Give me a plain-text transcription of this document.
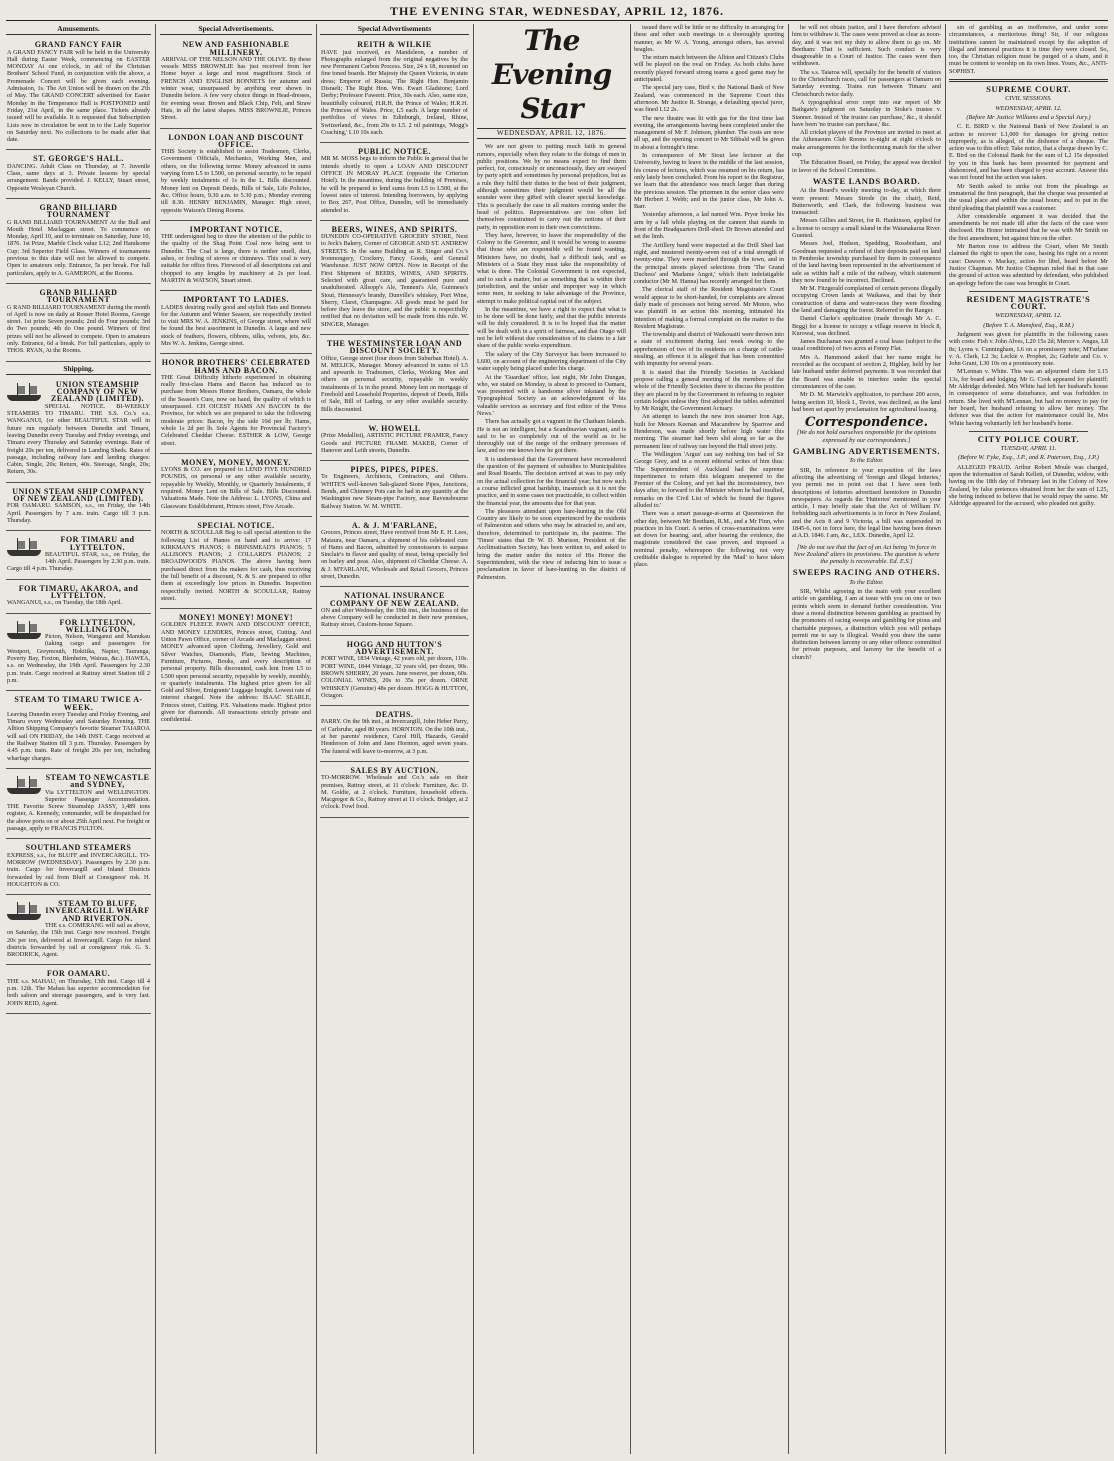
THE EVENING STAR, WEDNESDAY, APRIL 12, 1876.
Amusements.
GRAND FANCY FAIR

A GRAND FANCY FAIR will be held in the University Hall during Easter Week, commencing on EASTER MONDAY At one o'clock, in aid of the Christian Brothers' School Fund, in conjunction with the above, a Promenade Concert will be given each evening. Admission, 1s. The Art Union will be drawn on the 2'th of May. The GRAND CONCERT advertised for Easter Monday in the Temperance Hall is POSTPONED until Friday, 21st April, in the same place. Tickets already issued will be available. It is requested that Subscription Lists now in circulation be sent in to the Lady Superior on Saturday next. No collections to be made after that date.

ST. GEORGE'S HALL.

DANCING. Adult Class on Thursday, at 7. Juvenile Class, same days at 3. Private lessons by special arrangement. Bands provided. J. KELLY, Stuart street, Opposite Wesleyan Church.

GRAND BILLIARD TOURNAMENT

G RAND BILLIARD TOURNAMENT At the Bull and Mouth Hotel Maclaggan street. To commence on Monday, April 10, and to terminate on Saturday, June 10, 1876. 1st Prize, Marble Clock value L12; 2nd Handsome Cup; 3rd Superior Field Glass. Winners of tournaments previous to this date will not be allowed to compete. Open to amateurs only. Entrance, 5s per break. For full particulars, apply to A. GAMERON, at the Rooms.

GRAND BILLIARD TOURNAMENT

G RAND BILLIARD TOURNAMENT during the month of April is now on daily at Rosser Hotel Rooms, George street. 1st prize Seven pounds; 2nd do Four pounds; 3rd do Two pounds; 4th do One pound. Winners of first prizes will not be allowed to compete. Open to amateurs only. Entrance, 6d a break. For full particulars, apply to THOS. RYAN, At the Rooms.

Shipping.
UNION STEAMSHIP COMPANY OF NEW ZEALAND (LIMITED).

SPECIAL NOTICE. BI-WEEKLY STEAMERS TO TIMARU. THE S.S. Co.'s s.s. WANGANUI, (or other BEAUTIFUL STAR will in future run regularly between Dunedin and Timaru, leaving Dunedin every Tuesday and Friday evenings, and Timaru every Thursday and Saturday evenings. Rate of freight 20s per ton, delivered in Landing Sheds. Rates of passage, including railway fare and landing charges: Cabin, Single, 20s; Return, 40s. Steerage, Single, 20s; Return, 30s.

UNION STEAM SHIP COMPANY OF NEW ZEALAND (LIMITED).

FOR OAMARU. SAMSON, s.s., on Friday, the 14th April. Passengers by 7 a.m. train. Cargo till 3 p.m. Thursday.

FOR TIMARU and LYTTELTON.

BEAUTIFUL STAR, s.s., on Friday, the 14th April. Passengers by 2.30 p.m. train. Cargo till 4 p.m. Thursday.

FOR TIMARU, AKAROA, and LYTTELTON.

WANGANUI, s.s., on Tuesday, the 18th April.

FOR LYTTELTON, WELLINGTON,

Picton, Nelson, Wanganui and Manukau (taking cargo and passengers for Westport, Greymouth, Hokitika, Napier, Tauranga, Poverty Bay, Foxton, Blenheim, Wairau, &c.). HAWEA, s.s. on Wednesday, the 19th April. Passengers by 2.30 p.m. train. Cargo received at Rattray street Station till 2 p.m.

STEAM TO TIMARU TWICE A-WEEK.

Leaving Dunedin every Tuesday and Friday Evening, and Timaru every Wednesday and Saturday Evening. THE Albion Shipping Company's favorite Steamer TAIAROA will sail ON FRIDAY, the 14th INST. Cargo received at the Railway Station till 3 p.m. Thursday. Passengers by 4.45 p.m. train. Rate of freight 20s per ton, including wharfage charges.

STEAM TO NEWCASTLE and SYDNEY,

Via LYTTELTON and WELLINGTON. Superior Passenger Accommodation. THE Favorite Screw Steamship JASSY, 1,489 tons register, A. Kennedy, commander, will be despatched for the above ports on or about 25th April next. For freight or passage, apply to FRANCIS FULTON.

SOUTHLAND STEAMERS

EXPRESS, s.s., for BLUFF and INVERCARGILL. TO-MORROW (WEDNESDAY). Passengers by 2.30 p.m. train. Cargo for Invercargill and Inland Districts forwarded by rail from Bluff at Consignees' risk. H. HOUGHTON & CO.

STEAM TO BLUFF, INVERCARGILL WHARF AND RIVERTON.

THE s.s. COMERANG will sail as above, on Saturday, the 15th inst. Cargo now received. Freight 20s per ton, delivered at Invercargill. Cargo for inland districts forwarded by rail at consignees' risk. G. S. BRODRICK, Agent.

FOR OAMARU.

THE s.s. MAHAU, on Thursday, 13th inst. Cargo till 4 p.m. 12th. The Mahau has superior accommodation for both saloon and steerage passengers, and is very fast. JOHN REID, Agent.

Special Advertisements.
NEW AND FASHIONABLE MILLINERY.

ARRIVAL OF THE NELSON AND THE OLIVE. By these vessels MISS BROWNLIE has just received from her Home buyer a large and most magnificent Stock of FRENCH AND ENGLISH BONNETS for autumn and winter wear, unsurpassed by anything ever shown in Dunedin before. A few very choice things in Head-dresses, for evening wear. Brown and Black Chip, Felt, and Straw Hats, in all the latest shapes. MISS BROWNLIE, Princes Street.

LONDON LOAN AND DISCOUNT OFFICE.

THIS Society is established to assist Tradesmen, Clerks, Government Officials, Mechanics, Working Men, and others, on the following terms: Money advanced in sums varying from L5 to L500, on personal security, to be repaid by weekly instalments of 1s in the L. Bills discounted. Money lent on Deposit Deeds, Bills of Sale, Life Policies, &c. Office hours, 9.30 a.m. to 5.30 p.m.; Monday evening till 8.30. HENRY BENJAMIN, Manager. High street, opposite Watson's Dining Rooms.

IMPORTANT NOTICE.

THE undersigned beg to draw the attention of the public to the quality of the Shag Point Coal now being sent to Dunedin. The Coal is large, there is neither smell, dust, ashes, or fouling of stoves or chimneys. This coal is very suitable for office fires. Firewood of all descriptions cut and chopped to any lengths by machinery at 2s per load. MARTIN & WATSON, Stuart street.

IMPORTANT TO LADIES.

LADIES desiring really good and stylish Hats and Bonnets for the Autumn and Winter Season, are respectfully invited to visit MRS W. A. JENKINS, of George street, where will be found the best assortment in Dunedin. A large and new stock of feathers, flowers, ribbons, silks, velvets, jets, &c. Mrs W. A. Jenkins, George street.

HONOR BROTHERS' CELEBRATED HAMS AND BACON.

THE Great Difficulty hitherto experienced in obtaining really first-class Hams and Bacon has induced us to purchase from Messrs Honor Brothers, Oamaru, the whole of the Season's Cure, now on hand, the quality of which is unsurpassed. CH OICEST HAMS AN BACON In the Province, for which we are prepared to take the following moderate prices: Bacon, by the side 10d per lb; Hams, whole 1s 2d per lb. Sole Agents for Provincial Factory's Celebrated Cheddar Cheese. ESTHER & LOW, George street.

MONEY, MONEY, MONEY.

LYONS & CO. are prepared to LEND FIVE HUNDRED POUNDS, on personal or any other available security, repayable by Weekly, Monthly, or Quarterly Instalments, if required. Money Lent on Bills of Sale. Bills Discounted. Valuations Made. Note the Address: L. LYONS, China and Glassware Establishment, Princes street, Five Arcade.

SPECIAL NOTICE.

NORTH & SCOULLAR Beg to call special attention to the following List of Pianos on hand and to arrive: 17 KIRKMAN'S PIANOS; 6 BRINSMEAD'S PIANOS; 5 ALLISON'S PIANOS; 2 COLLARD'S PIANOS; 2 BROADWOOD'S PIANOS. The above having been purchased direct from the makers for cash, thus receiving the full benefit of a discount, N. & S. are prepared to offer them at exceedingly low prices in Dunedin. Inspection respectfully invited. NORTH & SCOULLAR, Rattray street.

MONEY! MONEY! MONEY!

GOLDEN FLEECE PAWN AND DISCOUNT OFFICE, AND MONEY LENDERS, Princes street, Cutting. And Union Pawn Office, corner of Arcade and Maclaggan street. MONEY advanced upon Clothing, Jewellery, Gold and Silver Watches, Diamonds, Plate, Sewing Machines, Furniture, Pictures, Books, and every description of personal property. Bills discounted, cash lent from L5 to L500 upon personal security, repayable by weekly, monthly, or quarterly instalments. The highest price given for all Gold and Silver, Emigrants' Luggage bought. Lowest rate of interest charged. Note the address: ISAAC SEARLE, Princes street, Cutting. P.S. Valuations made. Highest price given for diamonds. All transactions strictly private and confidential.

Special Advertisements
REITH & WILKIE

HAVE just received, ex Mandeleon, a number of Photographs enlarged from the original negatives by the new Permanent Carbon Process. Size, 24 x 18, mounted on fine toned boards. Her Majesty the Queen Victoria, in state dress; Emperor of Russia; The Right Hon. Benjamin Disraeli; The Right Hon. Wm. Ewart Gladstone; Lord Derby; Professor Faweett. Price, 30s each. Also, same size, beautifully coloured, H.R.H. the Prince of Wales; H.R.H. the Princess of Wales. Price, L5 each. A large number of portfolios of views in Edinburgh, Ireland, Rhine, Switzerland, &c., from 20s to L5. 2 oil paintings, 'Mogg's Coaching,' L10 10s each.

PUBLIC NOTICE.

MR M. MOSS begs to inform the Public in general that he intends shortly to open a LOAN AND DISCOUNT OFFICE IN MORAY PLACE (opposite the Criterion Hotel). In the meantime, during the building of Premises, he will be prepared to lend sums from L5 to L500, at the lowest rates of interest. Intending borrowers, by applying to Box 267, Post Office, Dunedin, will be immediately attended to.

BEERS, WINES, AND SPIRITS.

DUNEDIN CO-OPERATIVE GROCERY STORE, Next to Jeck's Bakery, Corner of GEORGE AND ST. ANDREW STREETS. In the same Building as R. Singer and Co.'s Ironmongery, Crockery, Fancy Goods, and General Warehouse. JUST NOW OPEN. Now in Receipt of the First Shipment of BEERS, WINES, AND SPIRITS. Selected with great care, and guaranteed pure and unadulterated. Allsopp's Ale, Tennent's Ale, Guinness's Stout, Hennessy's brandy, Dunville's whiskey, Port Wine, Sherry, Claret, Champagne. All goods must be paid for before they leave the store, and the public is respectfully notified that no deviation will be made from this rule. W. SINGER, Manager.

THE WESTMINSTER LOAN AND DISCOUNT SOCIETY.

Office, George street (four doors from Suburban Hotel). A. M. MELICK, Manager. Money advanced in sums of L5 and upwards to Tradesmen, Clerks, Working Men and others on personal security, repayable in weekly instalments of 1s in the pound. Money lent on mortgage of Freehold and Leasehold Properties, deposit of Deeds, Bills of Sale, Bill of Lading, or any other available security. Bills discounted.

W. HOWELL

(Prize Medallist), ARTISTIC PICTURE FRAMER, Fancy Goods and PICTURE FRAME MAKER, Corner of Hanover and Leith streets, Dunedin.

PIPES, PIPES, PIPES.

To Engineers, Architects, Contractors, and Others. WHITE'S well-known Salt-glazed Stone Pipes, Junctions, Bends, and Chimney Pots can be had in any quantity at the Washington new Steam-pipe Factory, near Ravensbourne Railway Station. W. M. WHITE.

A. & J. M'FARLANE,

Grocers, Princes street, Have received from Mr E. H. Lees, Mataura, near Oamaru, a shipment of his celebrated cure of Hams and Bacon, admitted by connoisseurs to surpass Sinclair's in flavor and quality of meat, being specially fed on barley and peas. Also, shipment of Cheddar Cheese. A. & J. M'FARLANE, Wholesale and Retail Grocers, Princes street, Dunedin.

NATIONAL INSURANCE COMPANY OF NEW ZEALAND.

ON and after Wednesday, the 19th inst., the business of the above Company will be conducted in their new premises, Rattray street, Custom-house Square.

HOGG AND HUTTON'S ADVERTISEMENT.

PORT WINE, 1834 Vintage, 42 years old, per dozen, 110s. PORT WINE, 1844 Vintage, 32 years old, per dozen, 90s. BROWN SHERRY, 20 years. June reserve, per dozen, 60s. COLONIAL WINES, 20s to 35s per dozen. ORNE WHISKEY (Genuine) 48s per dozen. HOGG & HUTTON, Octagon.

DEATHS.

PARRY. On the 9th inst., at Invercargill, John Heber Parry, of Carlsruhe, aged 80 years. HORNTON. On the 10th inst., at her parents' residence, Carol Hill, Hazards, Gerald Henderson of John and Jane Hornton, aged seven years. The funeral will leave to-morrow, at 3 p.m.

SALES BY AUCTION.

TO-MORROW. Wholesale and Co.'s sale on their premises, Rattray street, at 11 o'clock: Furniture, &c. D. M. Goldie, at 2 o'clock. Furniture, household effects. Macgregor & Co., Rattray street at 11 o'clock. Bridger, at 2 o'clock. Fowl food.

The Evening Star
WEDNESDAY, APRIL 12, 1876.

We are not given to putting much faith in general rumors, especially when they relate to the doings of men in public positions. We by no means expect to find them perfect, for, consciously or unconsciously, they are swayed by party spirit and sometimes by personal prejudices, but as a rule they fulfil their duties to the best of their judgment, although sometimes their judgment would be all the sounder were they gifted with clearer special knowledge. This is peculiarly the case in all matters coming under the head of politics. Representatives are too often led themselves constrained to carry out the notions of their party, in opposition even to their own convictions.

They have, however, to leave the responsibility of the Colony to the Governor, and it would be wrong to assume that those who are responsible will be found wanting. Ministers have, no doubt, had a difficult task, and as Ministers of a State they must take the responsibility of what is done. The Colonial Government is not expected, and to such a matter, but as something that is within their jurisdiction, and the unfair and improper way in which some men, in seeking to take advantage of the Province, attempt to make political capital out of the subject.

In the meantime, we have a right to expect that what is to be done will be done fairly, and that the public interests will be duly considered. It is to be hoped that the matter will be dealt with in a spirit of fairness, and that Otago will not be left without due consideration of its claims to a fair share of the public works expenditure.

The salary of the City Surveyor has been increased to L600, on account of the engineering department of the City water supply being placed under his charge.

At the 'Guardian' office, last night, Mr John Dungan, who, we stated on Monday, is about to proceed to Oamaru, was presented with a handsome silver inkstand by the Typographical Society as an acknowledgment of his valuable services as secretary and first editor of the 'Press News.'

There has actually got a vagrant in the Chatham Islands. He is not an intelligent, but a Scandinavian vagrant, and is said to be so completely out of the world as to be thoroughly out of the range of the ordinary processes of law, and no one knows how he got there.

It is understood that the Government have reconsidered the question of the payment of subsidies to Municipalities and Road Boards. The decision arrived at was to pay only on the actual collection for the financial year; but now such a course inflicted great hardship, inasmuch as it is not the practice, and in some cases not practicable, to collect within the financial year, the amounts due for that year.

The pleasures attendant upon hare-hunting in the Old Country are likely to be soon experienced by the residents of Palmerston and others who may be attracted to, and are, therefore, determined to participate in, the pastime. The 'Times' states that Dr W. D. Murison, President of the Acclimatisation Society, has been written to, and asked to bring the matter under the notice of His Honor the Superintendent, with the view of inducing him to issue a proclamation in favor of hare-hunting in the district of Palmerston.

issued there will be little or no difficulty in arranging for these and other such meetings in a thoroughly sporting manner, as Mr W. A. Young, amongst others, has several beagles.

The return match between the Albion and Citizen's Clubs will be played on the oval on Friday. As both clubs have recently played forward strong teams a good game may be anticipated.

The special jury case, Bird v. the National Bank of New Zealand, was commenced in the Supreme Court this afternoon. Mr Justice R. Strange, a defaulting special juror, was fined L12 2s.

The new theatre was lit with gas for the first time last evening, the arrangements having been completed under the management of Mr F. Johnson, plumber. The costs are now all up, and the opening concert to Mr Sibbald will be given in about a fortnight's time.

In consequence of Mr Stout law lecturer at the University, having to leave in the middle of the last session, his course of lectures, which was resumed on his return, has only lately been concluded. From his report to the Registrar, we learn that the attendance was much larger than during the previous session. The prizemen in the senior class were Mr Herbert J. Webb; and in the junior class, Mr John A. Barr.

Yesterday afternoon, a lad named Wm. Pryor broke his arm by a fall while playing on the cannon that stands in front of the Headquarters Drill-shed. Dr Brown attended and set the limb.

The Artillery band were inspected at the Drill Shed last night, and mustered twenty-seven out of a total strength of twenty-nine. They were marched through the town, and in the principal streets played selections from 'The Grand Duchess' and 'Madame Angot,' which their indefatigable conductor (Mr M. Hanna) has recently arranged for them.

The clerical staff of the Resident Magistrate's Court would appear to be short-handed, for complaints are almost daily made of processes not being served. Mr Monro, who was plaintiff in an action this morning, intimated his intention of making a formal complaint on the matter to the Resident Magistrate.

The township and district of Waikouaiti were thrown into a state of excitement during last week owing to the apprehension of two of its residents on a charge of cattle-stealing, an offence it is alleged that has been committed with impunity for several years.

It is stated that the Friendly Societies in Auckland propose calling a general meeting of the members of the whole of the Friendly Societies there to discuss the position they are placed in by the Government in refusing to register certain lodges unless they first adopted the tables submitted by Mr Knight, the Government Actuary.

An attempt to launch the new iron steamer Iron Age, built for Messrs Keenan and Macandrew by Sparrow and Henderson, was made shortly before high water this morning. The steamer had been slid along so far as the permanent line of railway ran beyond the Hall street jetty.

The Wellington 'Argus' can say nothing too bad of Sir George Grey, and in a recent editorial writes of him thus: 'The Superintendent of Auckland had the supreme impertinence to return this telegram unopened to the Premier of the Colony, and yet had the inconsistency, two days after, to forward to the Minister whom he had insulted, remarks on the Civil List of which he found the figures alluded to.'

There was a smart passage-at-arms at Queenstown the other day, between Mr Beetham, R.M., and a Mr Finn, who practices in his Court. A series of cross-examinations were set down for hearing, and, after hearing the evidence, the magistrate considered the case proven, and imposed a nominal penalty, whereupon the following not very creditable dialogue is reported by the 'Mail' to have taken place.

he will not obtain justice, and I have therefore advised him to withdraw it. The cases were proved as clear as noon-day, and it was not my duty to allow them to go on. Mr Beetham: That is sufficient. Such conduct is very disagreeable in a Court of Justice. The cases were then withdrawn.

The s.s. Taiaroa will, specially for the benefit of visitors to the Christchurch races, call for passengers at Oamaru on Saturday evening. Trains run between Timaru and Christchurch twice daily.

A typographical error crept into our report of Mr Bathgate's judgment on Saturday in Stoke's trustee v. Stanner. Instead of 'the trustee can purchase,' &c., it should have been 'no trustee can purchase,' &c.

All cricket players of the Province are invited to meet at the Athenaeum Club Rooms to-night at eight o'clock to make arrangements for the forthcoming match for the silver cup.

The Education Board, on Friday, the appeal was decided in favor of the School Committee.

WASTE LANDS BOARD.

At the Board's weekly meeting to-day, at which there were present: Messrs Strode (in the chair), Reid, Butterworth, and Clark, the following business was transacted:

Messrs Gillies and Street, for R. Hankinson, applied for a license to occupy a small island in the Waianakarua River. Granted.

Messrs Joel, Hudson, Spedding, Rossbotham, and Goodman requested a refund of their deposits paid on land in Pembroke township purchased by them in consequence of the land having been represented in the advertisement of sale as within half a mile of the railway, which statement they now found to be incorrect. Declined.

Mr M. Fitzgerald complained of certain persons illegally occupying Crown lands at Waikawa, and that by their construction of dams and water-races they were flooding the land and damaging the forest. Referred to the Ranger.

Daniel Clarke's application (made through Mr A. C. Begg) for a license to occupy a village reserve in block 8, Kurowai, was declined.

James Buchanan was granted a coal lease (subject to the usual conditions) of two acres at Fenny Flat.

Mrs A. Hammond asked that her name might be recorded as the occupant of section 2, Highlay, held by her late husband under deferred payments. It was recorded that the Board was unable to interfere under the special circumstances of the case.

Mr D. M. Marwick's application, to purchase 200 acres, being section 10, block I., Teviot, was declined, as the land had been set apart by proclamation for agricultural leasing.

Correspondence.
[We do not hold ourselves responsible for the opinions expressed by our correspondents.]
GAMBLING ADVERTISEMENTS.
To the Editor.

SIR, In reference to your exposition of the laws affecting the advertising of 'foreign and illegal lotteries,' you permit me to point out that I have seen both descriptions of lotteries advertised heretofore in Dunedin newspapers. As regards the 'Hutteries' mentioned in your article, I may briefly state that the Act of William IV. forbidding such advertisements is in force in New Zealand, and the Acts 8 and 9 Victoria, a bill was superseded in 1845-6, not in force here, the legal line having been drawn at A.D. 1846. I am, &c., LEX. Dunedin, April 12.

[We do not see that the fact of an Act being 'in force in New Zealand' alters its provisions. The question is where the penalty is recoverable. Ed. E.S.]
SWEEPS RACING AND OTHERS.
To the Editor.

SIR, Whilst agreeing in the main with your excellent article on gambling, I am at issue with you on one or two points which seem to demand further consideration. You draw a moral distinction between gambling as practised by the promoters of racing sweeps and gambling for pious and charitable purposes, a distinction which you will perhaps permit me to say is illogical. Would you draw the same distinction between larceny or any other offence committed for private purposes, and larceny for the benefit of a church?

sin of gambling as an inoffensive, and under some circumstances, a meritorious thing! Sir, if our religious institutions cannot be maintained except by the adoption of illegal and immoral practices it is time they were closed. So, too, the Christian religion must be purged of a sham, and it must be content to worship on its own lines. Yours, &c., ANTI-SOPHIST.

SUPREME COURT.
CIVIL SESSIONS.
WEDNESDAY, APRIL 12.
(Before Mr Justice Williams and a Special Jury.)

C. E. BIRD v. the National Bank of New Zealand is an action to recover L1,000 for damages for giving notice improperly, as is alleged, of the dishonor of a cheque. The action was to this effect: Take notice, that a cheque drawn by C. E. Bird on the Colonial Bank for the sum of L2 15s deposited by you in this bank has been presented for payment and dishonored, and has been charged to your account. Answer this was not found but the action was taken.

Mr Smith asked to strike out from the pleadings as immaterial the first paragraph, that the cheque was presented at the usual place and within the usual hours; and to put in the third pleading that plaintiff was a customer.

After considerable argument it was decided that the amendments be not made till after the facts of the case were disclosed. His Honor intimated that he was with Mr Smith on the first amendment, but against him on the other.

Mr Barton rose to address the Court, when Mr Smith claimed the right to open the case, basing his right on a recent case: Dawson v. Mackay, action for libel, heard before Mr Justice Chapman. Mr Justice Chapman ruled that in that case the ground of action was admitted by defendant, who published an apology before the case was brought in Court.

RESIDENT MAGISTRATE'S COURT.
WEDNESDAY, APRIL 12.
(Before T. A. Mansford, Esq., R.M.)

Judgment was given for plaintiffs in the following cases with costs: Fish v. John Alves, L20 15s 2d; Mercer v. Angus, L8 8s; Lyons v. Cunningham, L6 on a promissory note; M'Farlane v. A. Clark, L2 3s; Leckie v. Prophet, 2s; Guthrie and Co. v. John Grant, L30 10s on a promissory note.

M'Lennan v. White. This was an adjourned claim for L15 13s, for board and lodging. Mr G. Cook appeared for plaintiff; Mr Aldridge defended. Mrs White had left her husband's house in consequence of some disturbance, and was forbidden to return. She lived with M'Lennan, but had no money to pay for her board, her husband refusing to allow her money. The defence was that the action for maintenance could lie, Mrs White having voluntarily left her husband's home.

CITY POLICE COURT.
TUESDAY, APRIL 11.
(Before W. Fyke, Esq., J.P., and R. Paterson, Esq., J.P.)

ALLEGED FRAUD. Arthur Robert Moule was charged, upon the information of Sarah Kellett, of Dunedin, widow, with having on the 18th day of February last in the Colony of New Zealand, by false pretences obtained from her the sum of L25, she being induced to believe that he would repay the same. Mr Aldridge appeared for the accused, who pleaded not guilty.
